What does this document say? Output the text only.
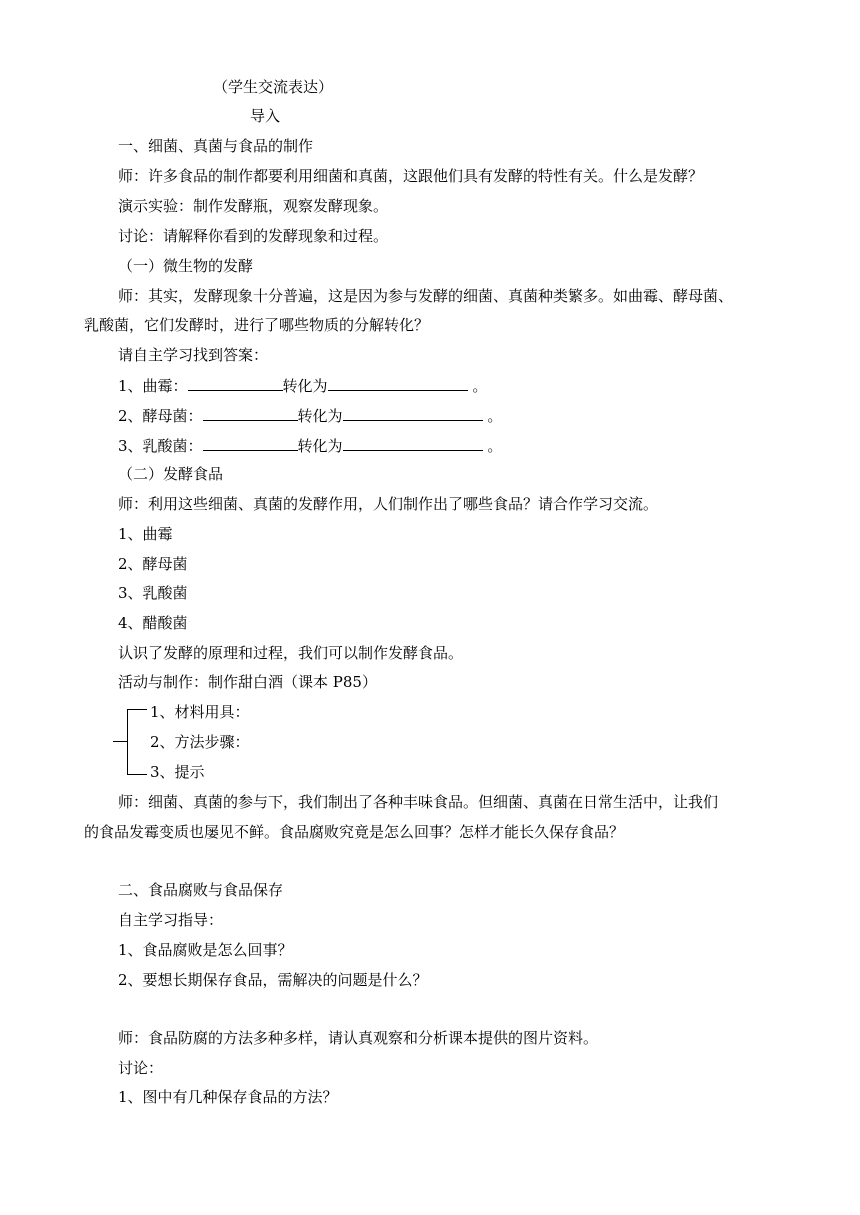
（学生交流表达）
导入
一、细菌、真菌与食品的制作
师：许多食品的制作都要利用细菌和真菌，这跟他们具有发酵的特性有关。什么是发酵？
演示实验：制作发酵瓶，观察发酵现象。
讨论：请解释你看到的发酵现象和过程。
（一）微生物的发酵
师：其实，发酵现象十分普遍，这是因为参与发酵的细菌、真菌种类繁多。如曲霉、酵母菌、
乳酸菌，它们发酵时，进行了哪些物质的分解转化？
请自主学习找到答案：
1、曲霉：	转化为	。
2、酵母菌：	转化为	。
3、乳酸菌：	转化为	。
（二）发酵食品
师：利用这些细菌、真菌的发酵作用，人们制作出了哪些食品？请合作学习交流。
1、曲霉
2、酵母菌
3、乳酸菌
4、醋酸菌
认识了发酵的原理和过程，我们可以制作发酵食品。
活动与制作：制作甜白酒（课本 P85）
1、材料用具：
2、方法步骤：
3、提示
师：细菌、真菌的参与下，我们制出了各种丰味食品。但细菌、真菌在日常生活中，让我们
的食品发霉变质也屡见不鲜。食品腐败究竟是怎么回事？怎样才能长久保存食品？
二、食品腐败与食品保存
自主学习指导：
1、食品腐败是怎么回事？
2、要想长期保存食品，需解决的问题是什么？
师：食品防腐的方法多种多样，请认真观察和分析课本提供的图片资料。
讨论：
1、图中有几种保存食品的方法？
